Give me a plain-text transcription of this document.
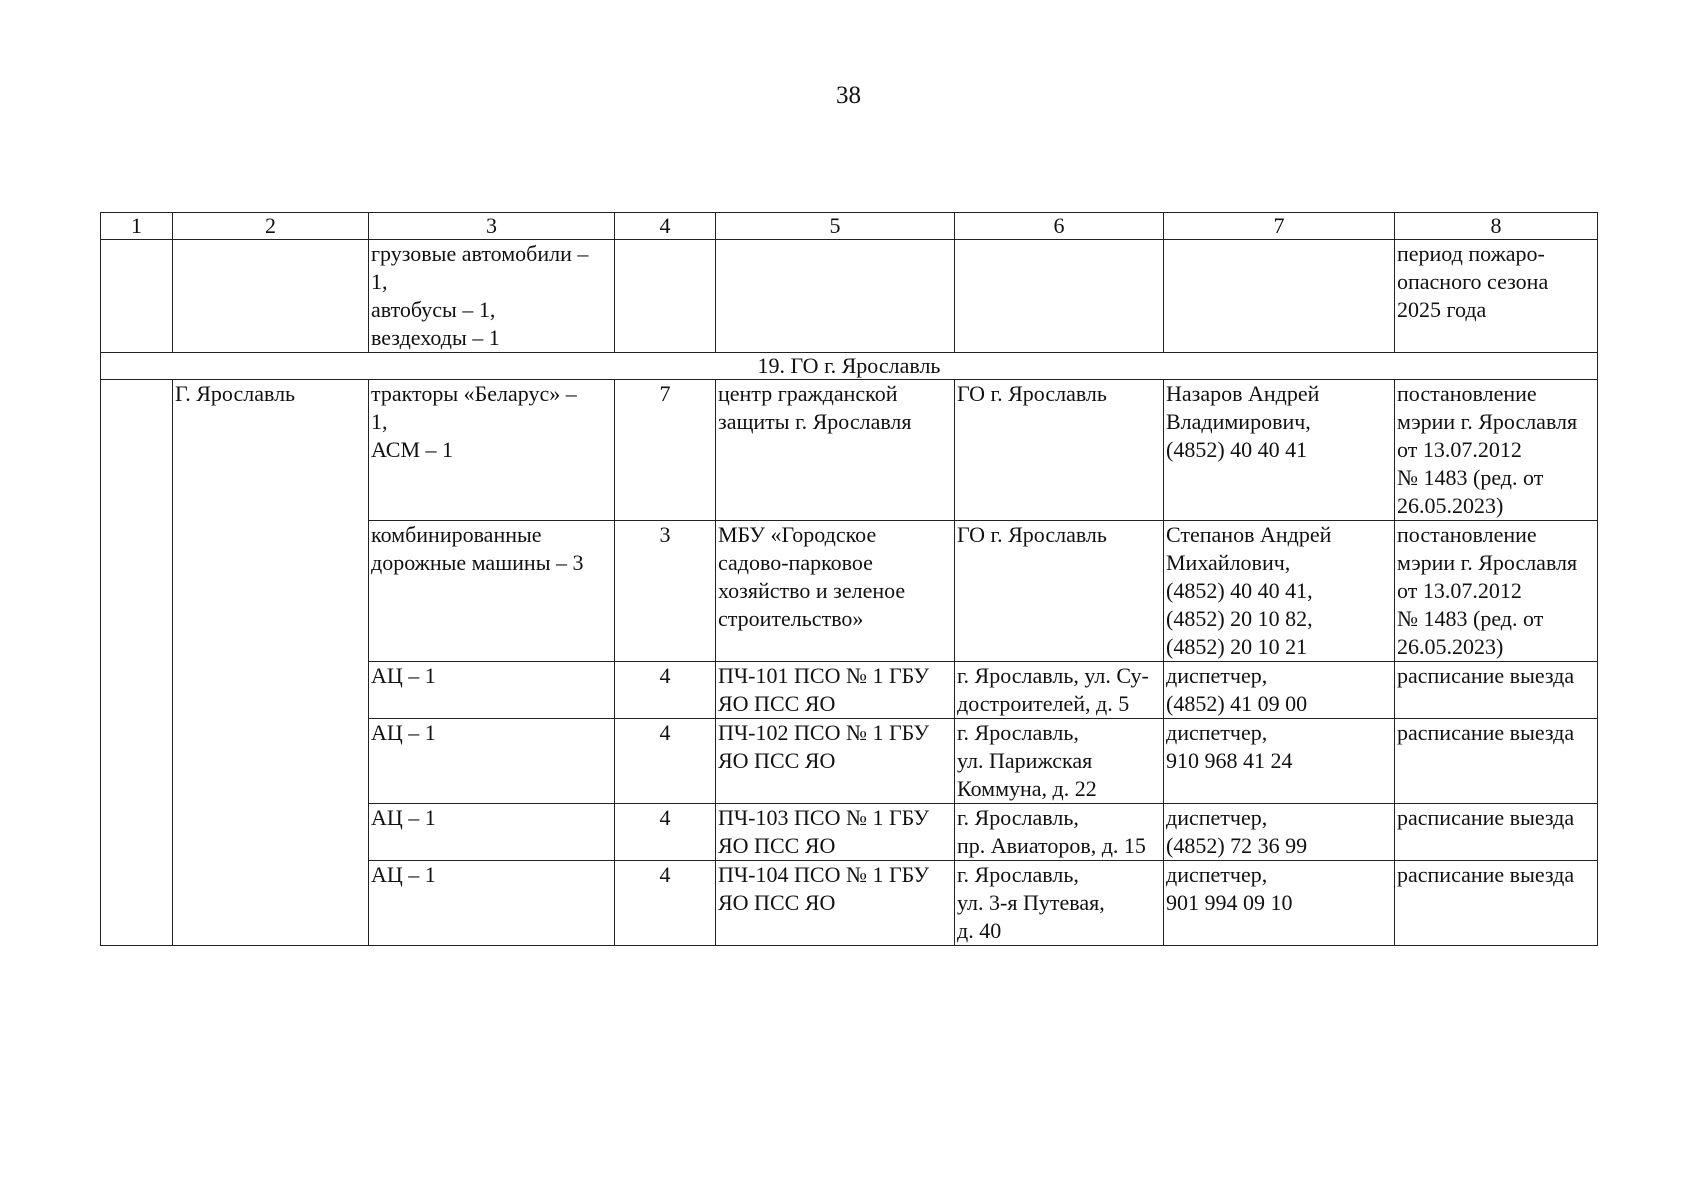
38
1	2	3	4	5	6	7	8
		грузовые автомобили –
1,
автобусы – 1,
вездеходы – 1					период пожаро-
опасного сезона
2025 года
19. ГО г. Ярославль							
	Г. Ярославль	тракторы «Беларус» –
1,
АСМ – 1	7	центр гражданской
защиты г. Ярославля	ГО г. Ярославль	Назаров Андрей
Владимирович,
(4852) 40 40 41	постановление
мэрии г. Ярославля
от 13.07.2012
№ 1483 (ред. от
26.05.2023)
		комбинированные
дорожные машины – 3	3	МБУ «Городское
садово-парковое
хозяйство и зеленое
строительство»	ГО г. Ярославль	Степанов Андрей
Михайлович,
(4852) 40 40 41,
(4852) 20 10 82,
(4852) 20 10 21	постановление
мэрии г. Ярославля
от 13.07.2012
№ 1483 (ред. от
26.05.2023)
		АЦ – 1	4	ПЧ-101 ПСО № 1 ГБУ
ЯО ПСС ЯО	г. Ярославль, ул. Су-
достроителей, д. 5	диспетчер,
(4852) 41 09 00	расписание выезда
		АЦ – 1	4	ПЧ-102 ПСО № 1 ГБУ
ЯО ПСС ЯО	г. Ярославль,
ул. Парижская
Коммуна, д. 22	диспетчер,
910 968 41 24	расписание выезда
		АЦ – 1	4	ПЧ-103 ПСО № 1 ГБУ
ЯО ПСС ЯО	г. Ярославль,
пр. Авиаторов, д. 15	диспетчер,
(4852) 72 36 99	расписание выезда
		АЦ – 1	4	ПЧ-104 ПСО № 1 ГБУ
ЯО ПСС ЯО	г. Ярославль,
ул. 3-я Путевая,
д. 40	диспетчер,
901 994 09 10	расписание выезда
